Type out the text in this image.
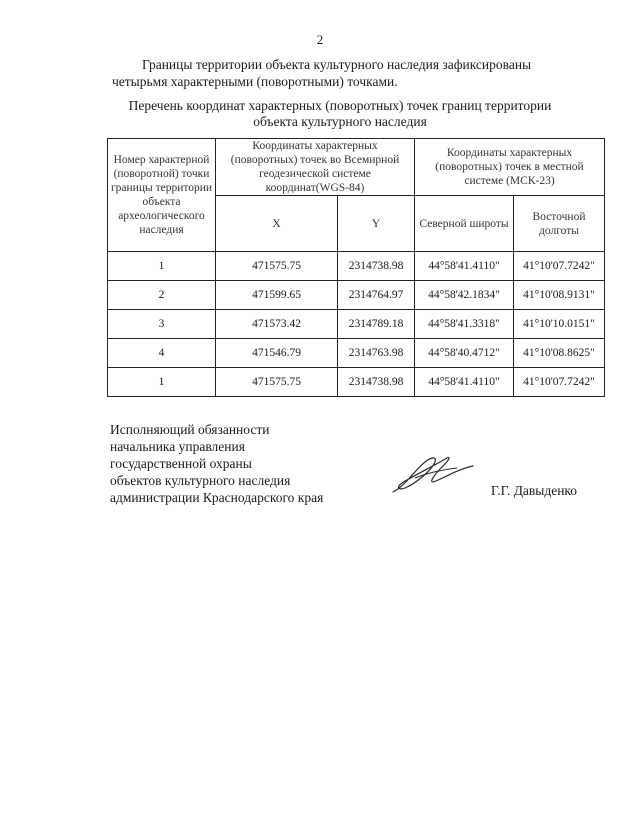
2
Границы территории объекта культурного наследия зафиксированы
четырьмя характерными (поворотными) точками.
Перечень координат характерных (поворотных) точек границ территории
объекта культурного наследия
Номер характерной (поворотной) точки границы территории объекта археологического наследия	Координаты характерных (поворотных) точек во Всемирной геодезической системе координат(WGS-84)		Координаты характерных (поворотных) точек в местной системе (МСК-23)	
	X	Y	Северной широты	Восточной долготы
1	471575.75	2314738.98	44°58'41.4110"	41°10'07.7242"
2	471599.65	2314764.97	44°58'42.1834"	41°10'08.9131"
3	471573.42	2314789.18	44°58'41.3318"	41°10'10.0151"
4	471546.79	2314763.98	44°58'40.4712"	41°10'08.8625"
1	471575.75	2314738.98	44°58'41.4110"	41°10'07.7242"
Исполняющий обязанности
начальника управления
государственной охраны
объектов культурного наследия
администрации Краснодарского края	Г.Г. Давыденко
